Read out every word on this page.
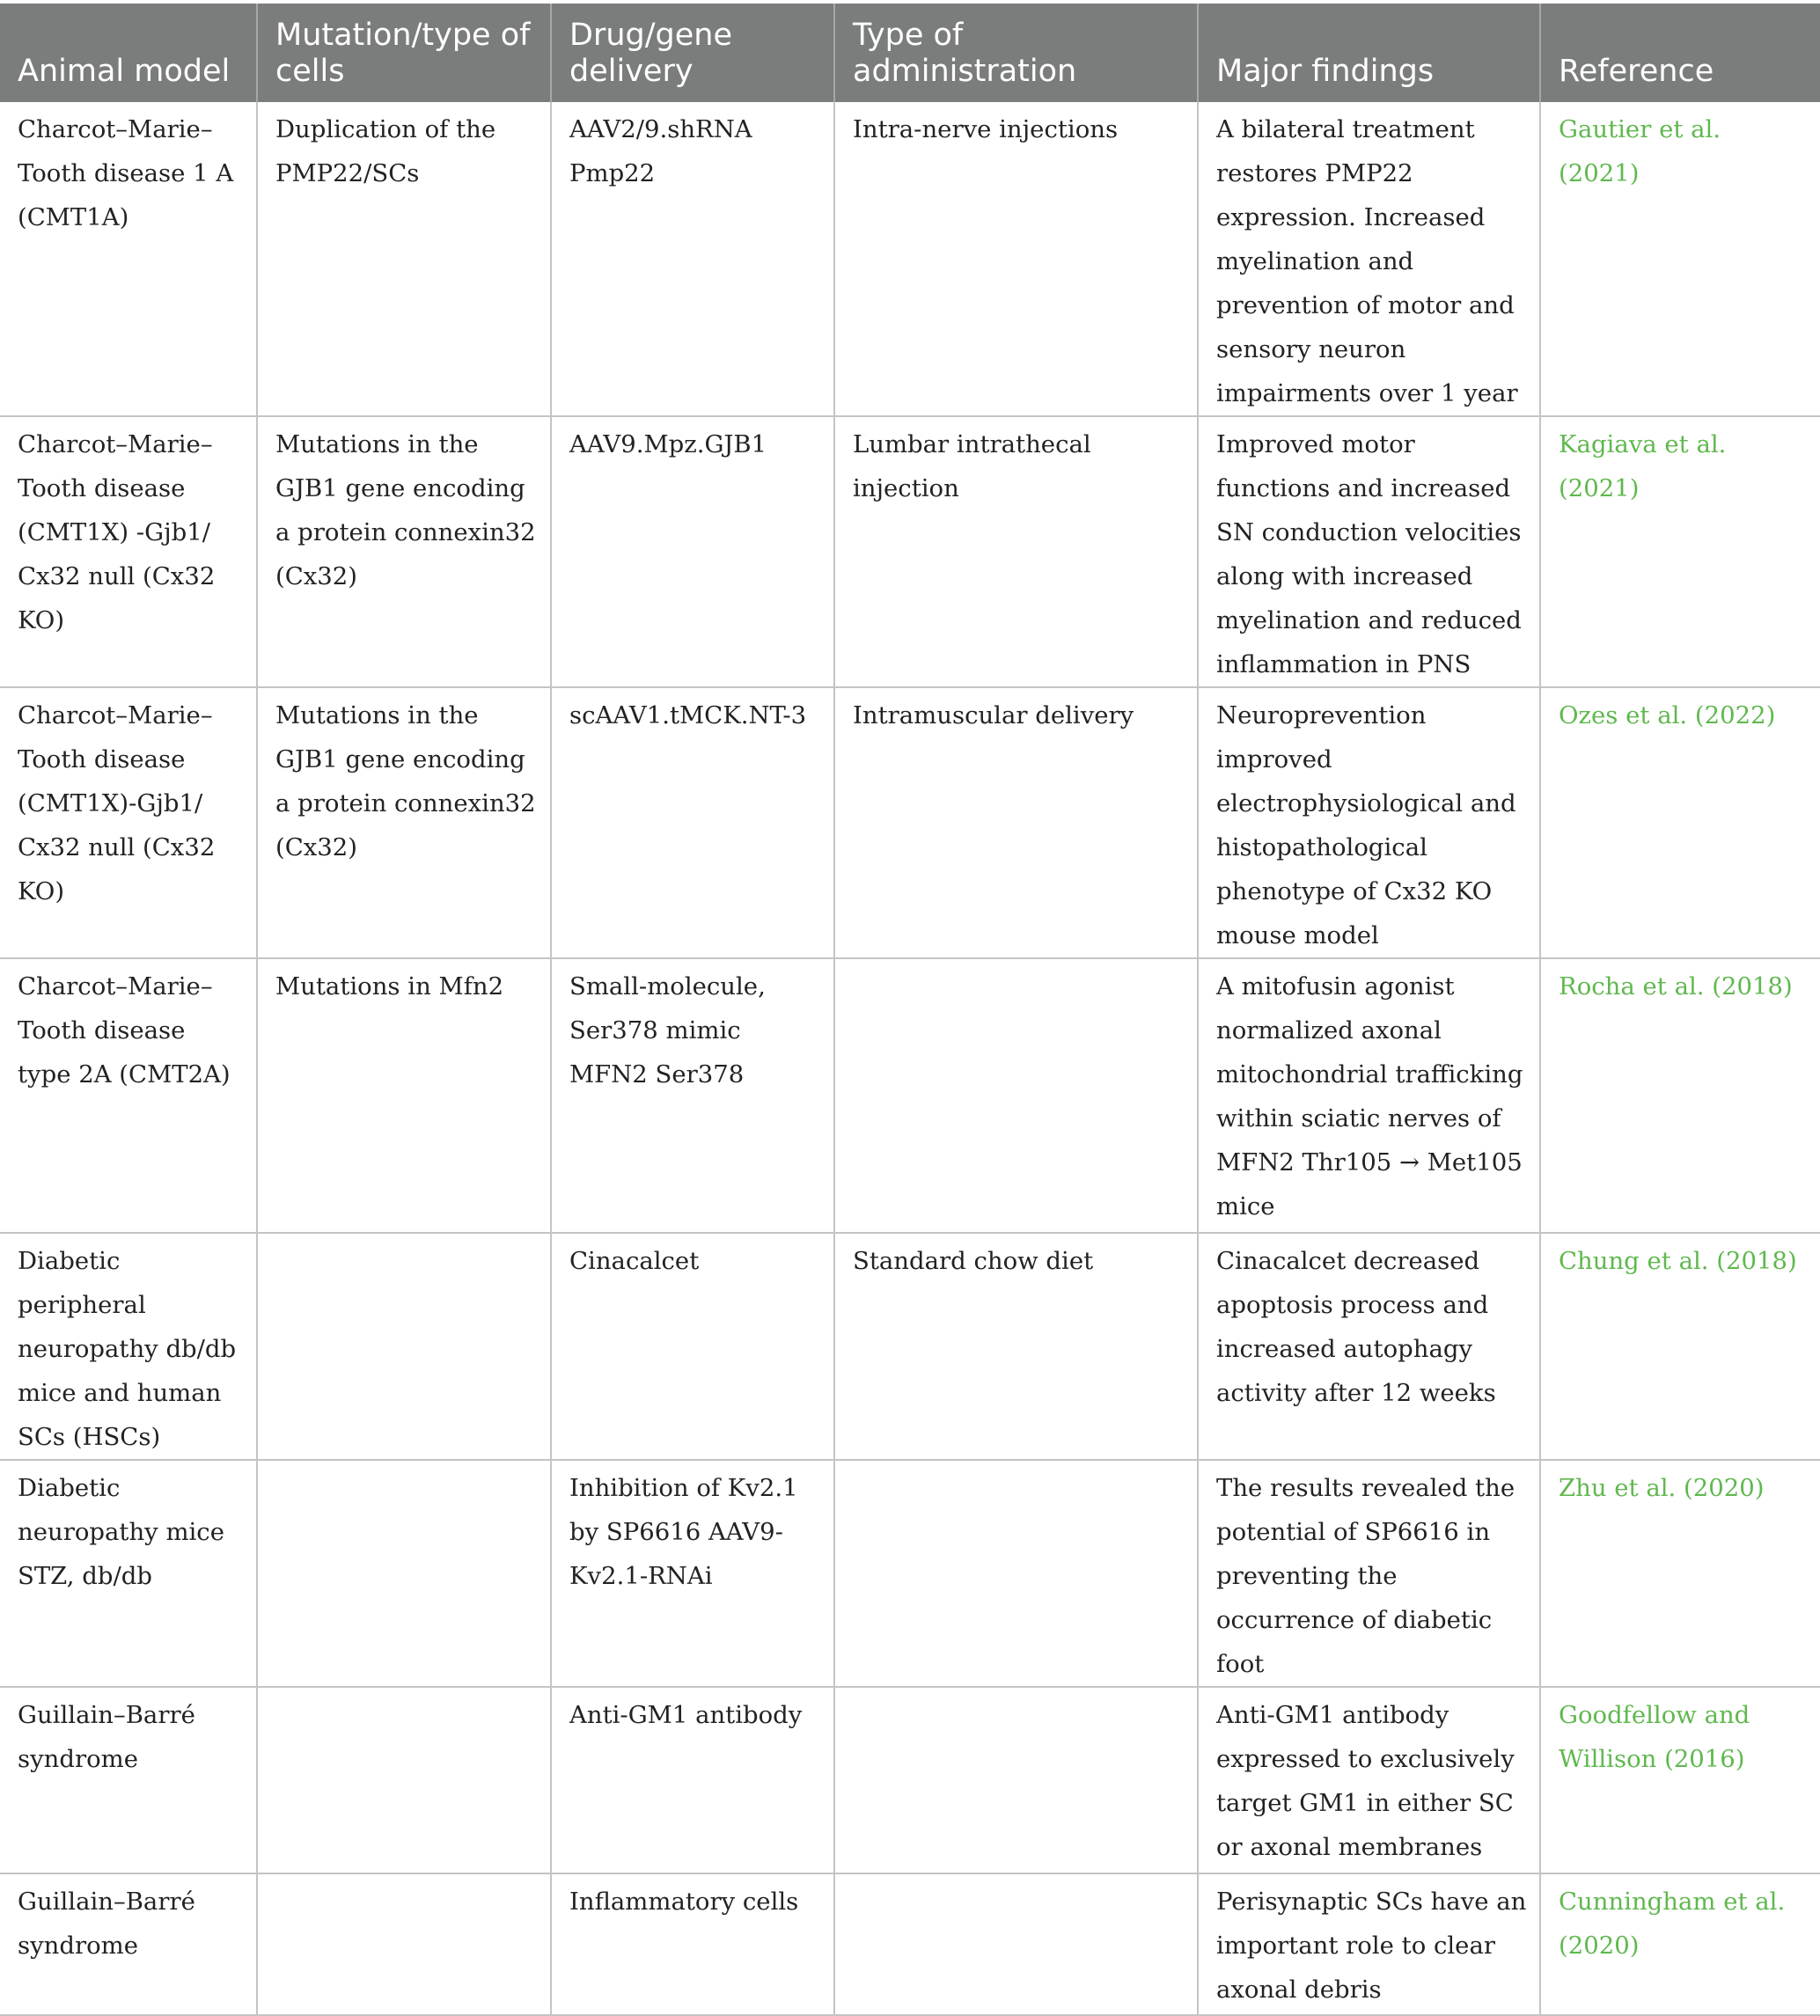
Animal model	Mutation/type of cells	Drug/gene delivery	Type of administration	Major findings	Reference
Charcot–Marie–Tooth disease 1 A (CMT1A)	Duplication of the PMP22/SCs	AAV2/9.shRNA Pmp22	Intra-nerve injections	A bilateral treatment restores PMP22 expression. Increased myelination and prevention of motor and sensory neuron impairments over 1 year	Gautier et al. (2021)
Charcot–Marie–Tooth disease (CMT1X) -Gjb1/ Cx32 null (Cx32 KO)	Mutations in the GJB1 gene encoding a protein connexin32 (Cx32)	AAV9.Mpz.GJB1	Lumbar intrathecal injection	Improved motor functions and increased SN conduction velocities along with increased myelination and reduced inflammation in PNS	Kagiava et al. (2021)
Charcot–Marie–Tooth disease (CMT1X)-Gjb1/ Cx32 null (Cx32 KO)	Mutations in the GJB1 gene encoding a protein connexin32 (Cx32)	scAAV1.tMCK.NT-3	Intramuscular delivery	Neuroprevention improved electrophysiological and histopathological phenotype of Cx32 KO mouse model	Ozes et al. (2022)
Charcot–Marie–Tooth disease type 2A (CMT2A)	Mutations in Mfn2	Small-molecule, Ser378 mimic MFN2 Ser378		A mitofusin agonist normalized axonal mitochondrial trafficking within sciatic nerves of MFN2 Thr105 → Met105 mice	Rocha et al. (2018)
Diabetic peripheral neuropathy db/db mice and human SCs (HSCs)		Cinacalcet	Standard chow diet	Cinacalcet decreased apoptosis process and increased autophagy activity after 12 weeks	Chung et al. (2018)
Diabetic neuropathy mice STZ, db/db		Inhibition of Kv2.1 by SP6616 AAV9-Kv2.1-RNAi		The results revealed the potential of SP6616 in preventing the occurrence of diabetic foot	Zhu et al. (2020)
Guillain–Barré syndrome		Anti-GM1 antibody		Anti-GM1 antibody expressed to exclusively target GM1 in either SC or axonal membranes	Goodfellow and Willison (2016)
Guillain–Barré syndrome		Inflammatory cells		Perisynaptic SCs have an important role to clear axonal debris	Cunningham et al. (2020)
